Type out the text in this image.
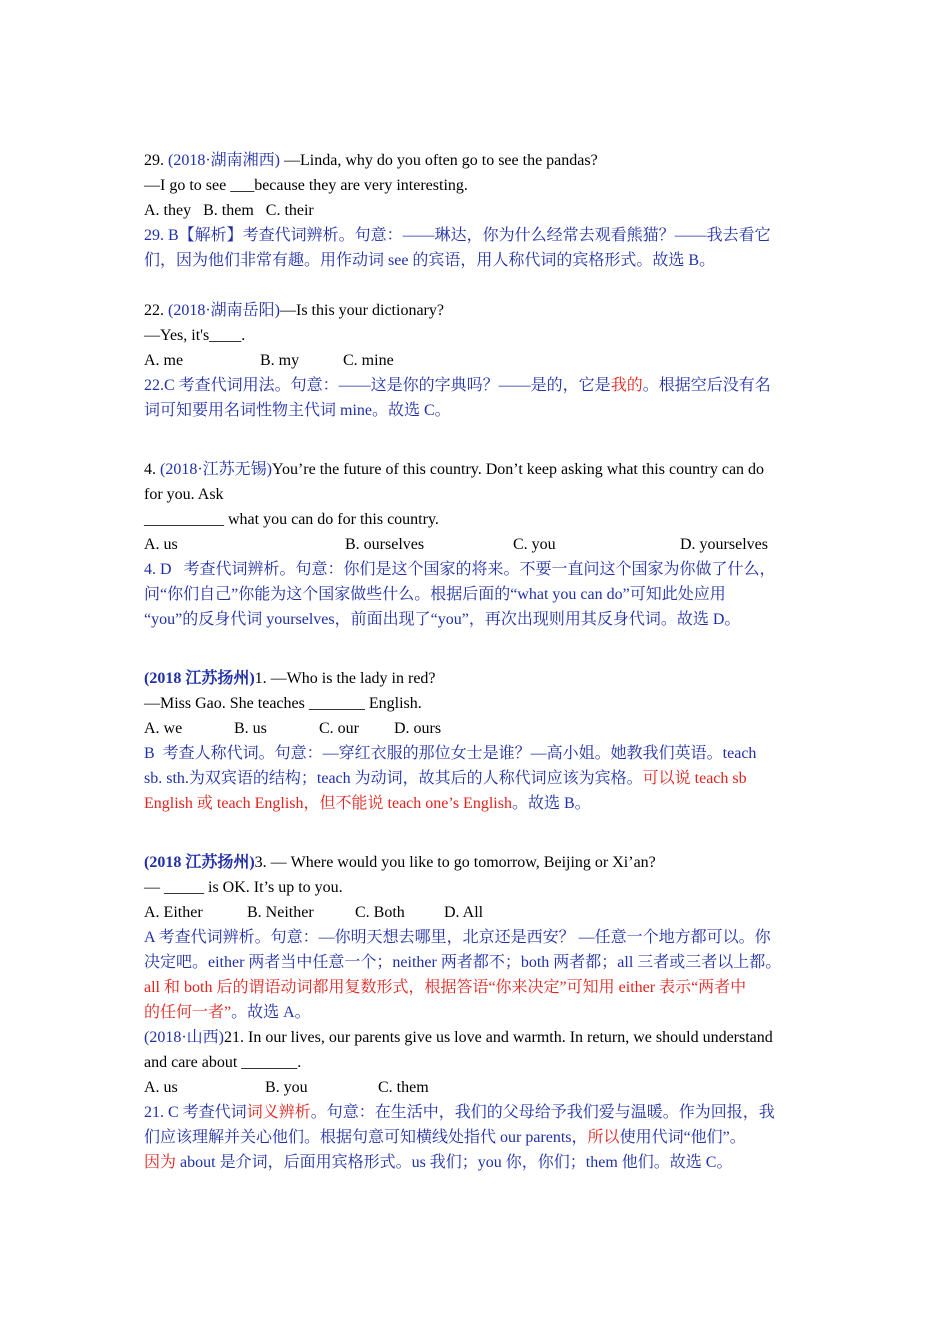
29. (2018·湖南湘西) —Linda, why do you often go to see the pandas?
—I go to see ___because they are very interesting.
A. they   B. them   C. their
29. B【解析】考查代词辨析。句意：——琳达，你为什么经常去观看熊猫？——我去看它
们，因为他们非常有趣。用作动词 see 的宾语，用人称代词的宾格形式。故选 B。
22. (2018·湖南岳阳)—Is this your dictionary?
—Yes, it's____.
A. me	B. my	C. mine
22.C 考查代词用法。句意：——这是你的字典吗？——是的，它是我的。根据空后没有名
词可知要用名词性物主代词 mine。故选 C。
4. (2018·江苏无锡)You’re the future of this country. Don’t keep asking what this country can do
for you. Ask
__________ what you can do for this country.
A. us	B. ourselves	C. you	D. yourselves
4. D   考查代词辨析。句意：你们是这个国家的将来。不要一直问这个国家为你做了什么，
问“你们自己”你能为这个国家做些什么。根据后面的“what you can do”可知此处应用
“you”的反身代词 yourselves，前面出现了“you”，再次出现则用其反身代词。故选 D。
(2018 江苏扬州)1. —Who is the lady in red?
—Miss Gao. She teaches _______ English.
A. we	B. us	C. our D. ours
B  考查人称代词。句意：—穿红衣服的那位女士是谁？—高小姐。她教我们英语。teach
sb. sth.为双宾语的结构；teach 为动词，故其后的人称代词应该为宾格。可以说 teach sb
English 或 teach English，但不能说 teach one’s English。故选 B。
(2018 江苏扬州)3. — Where would you like to go tomorrow, Beijing or Xi’an?
— _____ is OK. It’s up to you.
A. Either	B. Neither	C. Both D. All
A 考查代词辨析。句意：—你明天想去哪里，北京还是西安？ —任意一个地方都可以。你
决定吧。either 两者当中任意一个；neither 两者都不；both 两者都；all 三者或三者以上都。
all 和 both 后的谓语动词都用复数形式，根据答语“你来决定”可知用 either 表示“两者中
的任何一者”。故选 A。
(2018·山西)21. In our lives, our parents give us love and warmth. In return, we should understand
and care about _______.
A. us	B. you	C. them
21. C 考查代词词义辨析。句意：在生活中，我们的父母给予我们爱与温暖。作为回报，我
们应该理解并关心他们。根据句意可知横线处指代 our parents，所以使用代词“他们”。
因为 about 是介词，后面用宾格形式。us 我们；you 你，你们；them 他们。故选 C。
